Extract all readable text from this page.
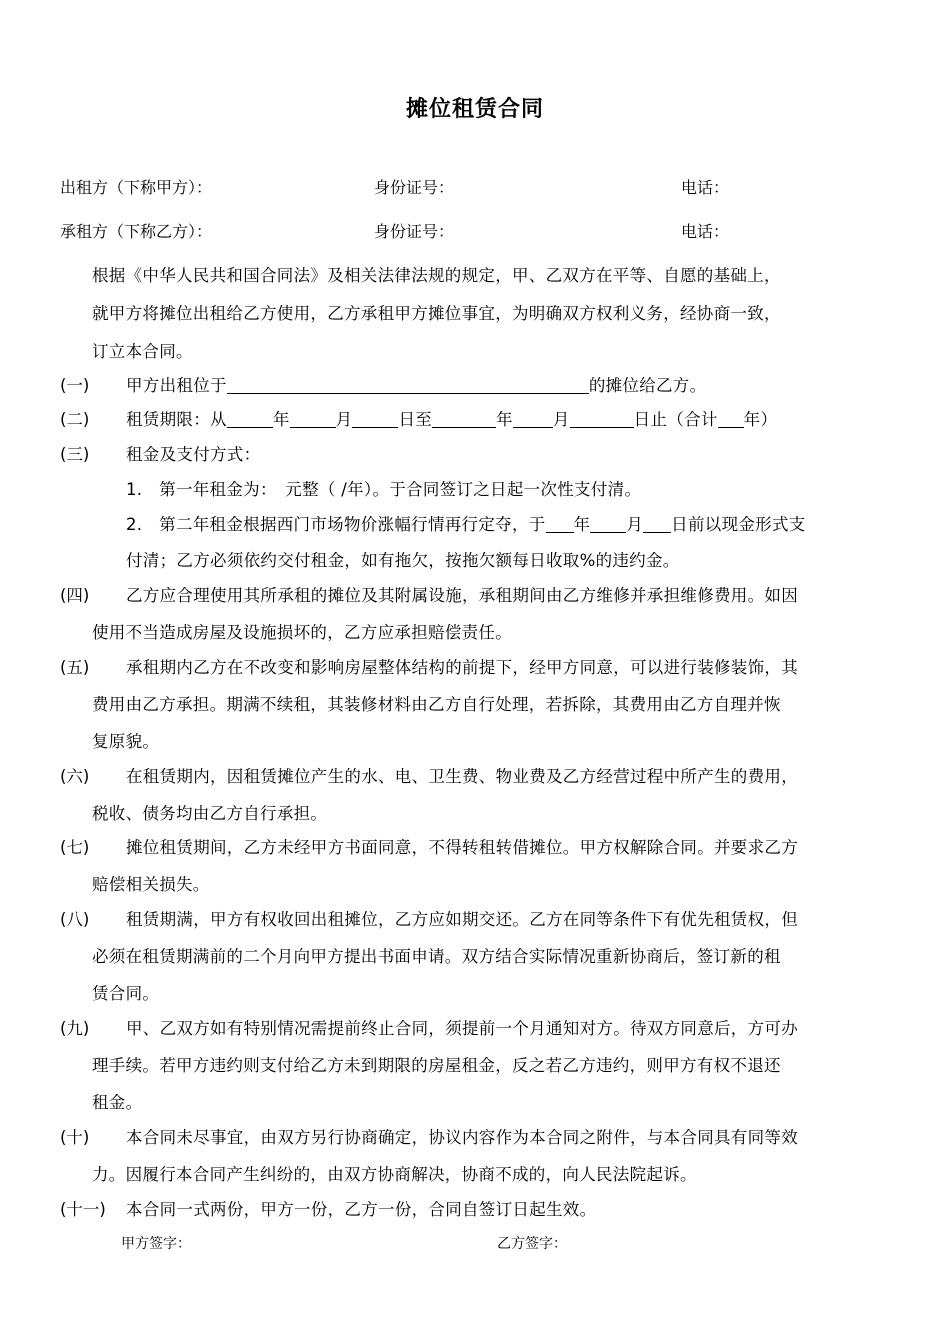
摊位租赁合同
出租方（下称甲方）：	身份证号：	电话：
承租方（下称乙方）：	身份证号：	电话：
根据《中华人民共和国合同法》及相关法律法规的规定，甲、乙双方在平等、自愿的基础上，
就甲方将摊位出租给乙方使用，乙方承租甲方摊位事宜，为明确双方权利义务，经协商一致，
订立本合同。
(一) 甲方出租位于	的摊位给乙方。
(二) 租赁期限：从	年	月	日至	年 月	日止（合计 年）
(三) 租金及支付方式：
1.　第一年租金为：　元整（ /年）。于合同签订之日起一次性支付清。
2.　第二年租金根据西门市场物价涨幅行情再行定夺，于 年 月 日前以现金形式支
付清；乙方必须依约交付租金，如有拖欠，按拖欠额每日收取%的违约金。
(四) 乙方应合理使用其所承租的摊位及其附属设施，承租期间由乙方维修并承担维修费用。如因
使用不当造成房屋及设施损坏的，乙方应承担赔偿责任。
(五) 承租期内乙方在不改变和影响房屋整体结构的前提下，经甲方同意，可以进行装修装饰，其
费用由乙方承担。期满不续租，其装修材料由乙方自行处理，若拆除，其费用由乙方自理并恢
复原貌。
(六) 在租赁期内，因租赁摊位产生的水、电、卫生费、物业费及乙方经营过程中所产生的费用，
税收、债务均由乙方自行承担。
(七) 摊位租赁期间，乙方未经甲方书面同意，不得转租转借摊位。甲方权解除合同。并要求乙方
赔偿相关损失。
(八) 租赁期满，甲方有权收回出租摊位，乙方应如期交还。乙方在同等条件下有优先租赁权，但
必须在租赁期满前的二个月向甲方提出书面申请。双方结合实际情况重新协商后，签订新的租
赁合同。
(九) 甲、乙双方如有特别情况需提前终止合同，须提前一个月通知对方。待双方同意后，方可办
理手续。若甲方违约则支付给乙方未到期限的房屋租金，反之若乙方违约，则甲方有权不退还
租金。
(十) 本合同未尽事宜，由双方另行协商确定，协议内容作为本合同之附件，与本合同具有同等效
力。因履行本合同产生纠纷的，由双方协商解决，协商不成的，向人民法院起诉。
(十一) 本合同一式两份，甲方一份，乙方一份，合同自签订日起生效。
甲方签字：	乙方签字：
